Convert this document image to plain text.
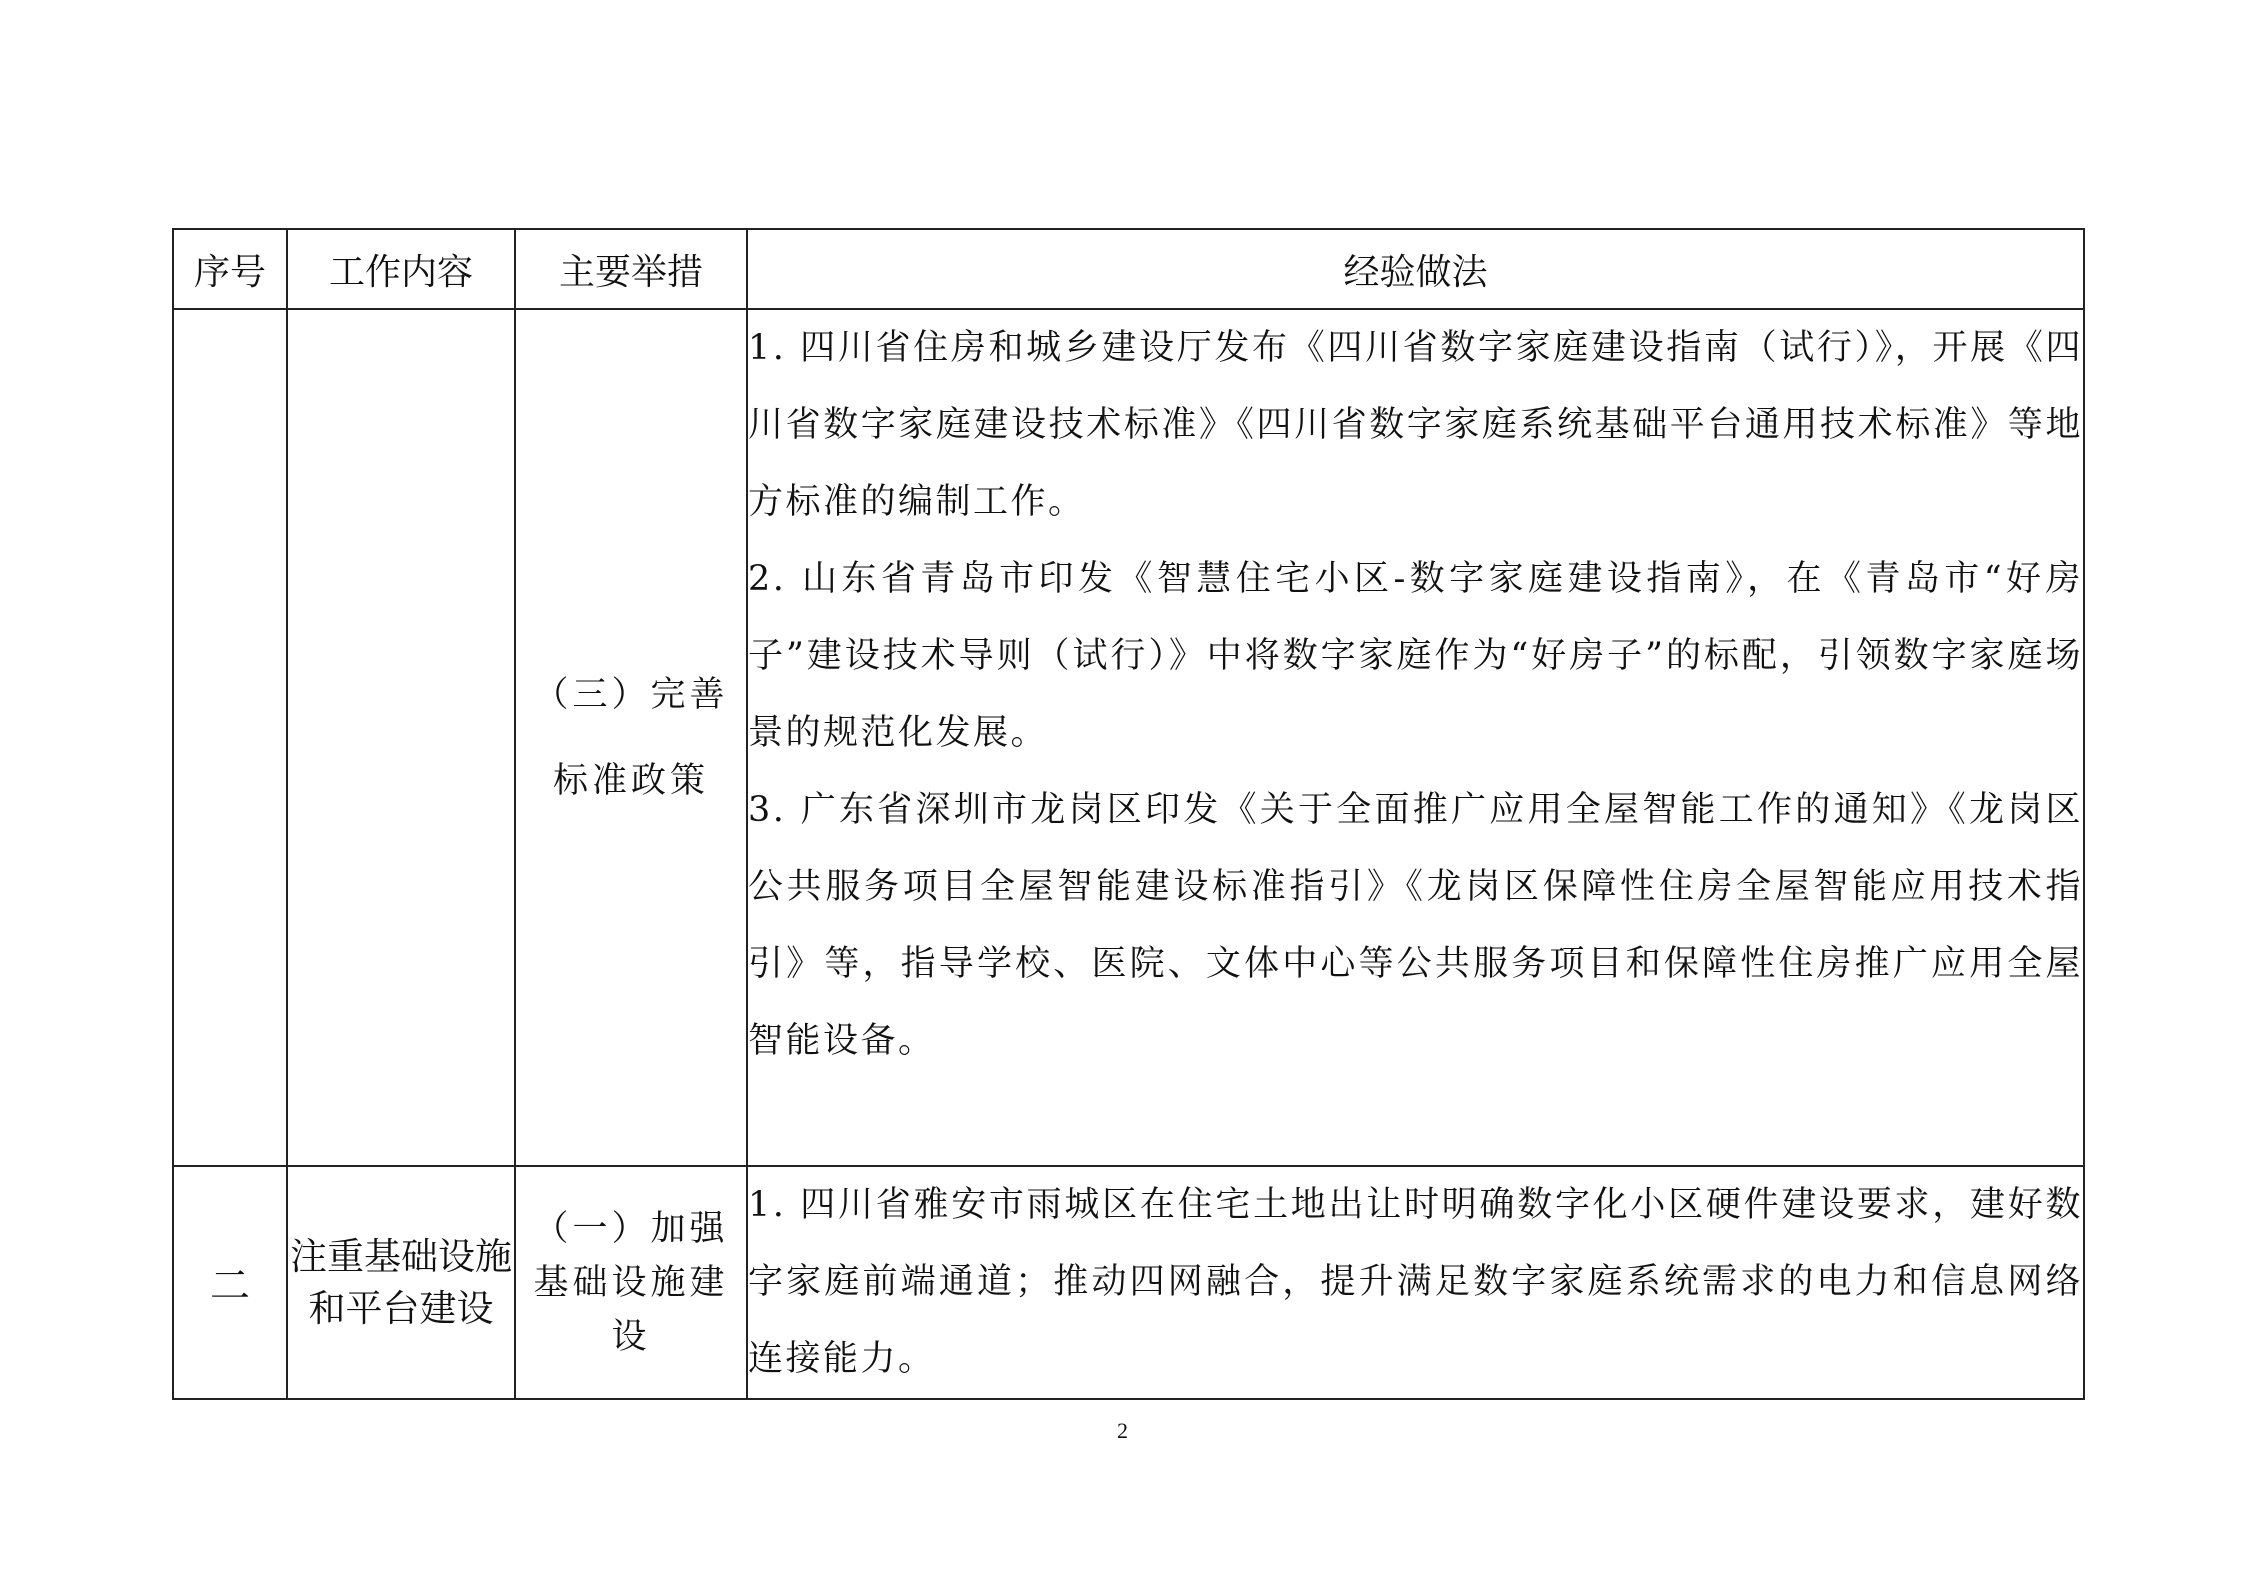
序号	工作内容	主要举措	经验做法
		（三）完善标准政策	1. 四川省住房和城乡建设厅发布《四川省数字家庭建设指南（试行）》，开展《四川省数字家庭建设技术标准》《四川省数字家庭系统基础平台通用技术标准》等地方标准的编制工作。

2. 山东省青岛市印发《智慧住宅小区-数字家庭建设指南》，在《青岛市“好房子”建设技术导则（试行）》中将数字家庭作为“好房子”的标配，引领数字家庭场景的规范化发展。

3. 广东省深圳市龙岗区印发《关于全面推广应用全屋智能工作的通知》《龙岗区公共服务项目全屋智能建设标准指引》《龙岗区保障性住房全屋智能应用技术指引》等，指导学校、医院、文体中心等公共服务项目和保障性住房推广应用全屋智能设备。

二	注重基础设施和平台建设	（一）加强基础设施建设	1. 四川省雅安市雨城区在住宅土地出让时明确数字化小区硬件建设要求，建好数字家庭前端通道；推动四网融合，提升满足数字家庭系统需求的电力和信息网络连接能力。

2
